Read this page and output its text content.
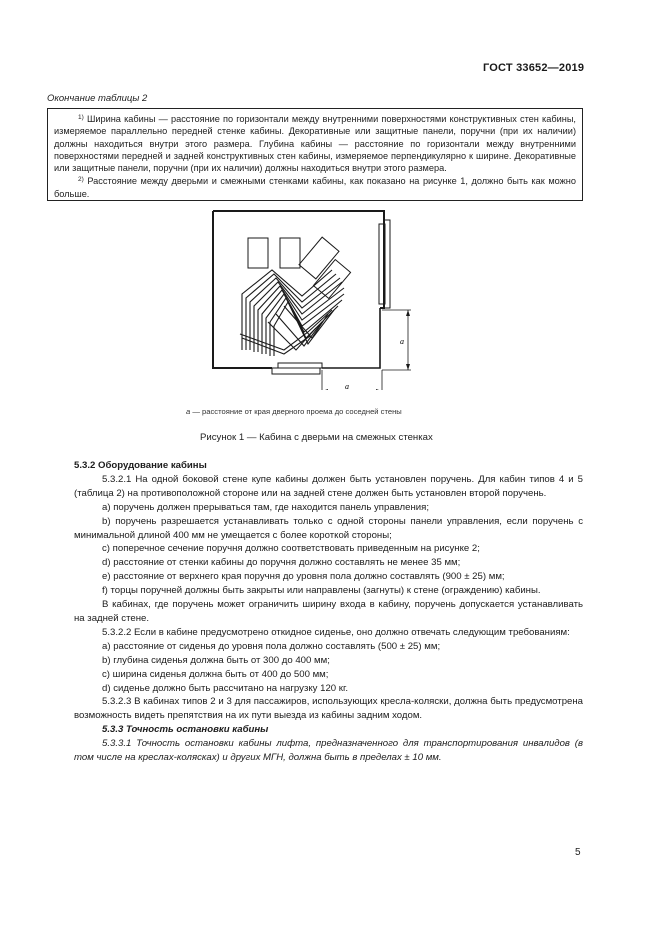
ГОСТ 33652—2019
Окончание таблицы 2

$^{1)}$ Ширина кабины — расстояние по горизонтали между внутренними поверхностями конструктивных стен кабины, измеряемое параллельно передней стенке кабины. Декоративные или защитные панели, поручни (при их наличии) должны находиться внутри этого размера. Глубина кабины — расстояние по горизонтали между внутренними поверхностями передней и задней конструктивных стен кабины, измеряемое перпендикулярно к ширине. Декоративные или защитные панели, поручни (при их наличии) должны находиться внутри этого размера.

$^{2)}$ Расстояние между дверьми и смежными стенками кабины, как показано на рисунке 1, должно быть как можно больше.

a
a
a — расстояние от края дверного проема до соседней стены
Рисунок 1 — Кабина с дверьми на смежных стенках

5.3.2 Оборудование кабины

5.3.2.1 На одной боковой стене купе кабины должен быть установлен поручень. Для кабин типов 4 и 5 (таблица 2) на противоположной стороне или на задней стене должен быть установлен второй поручень.

а) поручень должен прерываться там, где находится панель управления;

b) поручень разрешается устанавливать только с одной стороны панели управления, если поручень с минимальной длиной 400 мм не умещается с более короткой стороны;

с) поперечное сечение поручня должно соответствовать приведенным на рисунке 2;

d) расстояние от стенки кабины до поручня должно составлять не менее 35 мм;

е) расстояние от верхнего края поручня до уровня пола должно составлять (900 ± 25) мм;

f) торцы поручней должны быть закрыты или направлены (загнуты) к стене (ограждению) кабины.

В кабинах, где поручень может ограничить ширину входа в кабину, поручень допускается устанавливать на задней стене.

5.3.2.2 Если в кабине предусмотрено откидное сиденье, оно должно отвечать следующим требованиям:

а) расстояние от сиденья до уровня пола должно составлять (500 ± 25) мм;

b) глубина сиденья должна быть от 300 до 400 мм;

с) ширина сиденья должна быть от 400 до 500 мм;

d) сиденье должно быть рассчитано на нагрузку 120 кг.

5.3.2.3 В кабинах типов 2 и 3 для пассажиров, использующих кресла-коляски, должна быть предусмотрена возможность видеть препятствия на их пути выезда из кабины задним ходом.

5.3.3 Точность остановки кабины

5.3.3.1 Точность остановки кабины лифта, предназначенного для транспортирования инвалидов (в том числе на креслах-колясках) и других МГН, должна быть в пределах ± 10 мм.

5
